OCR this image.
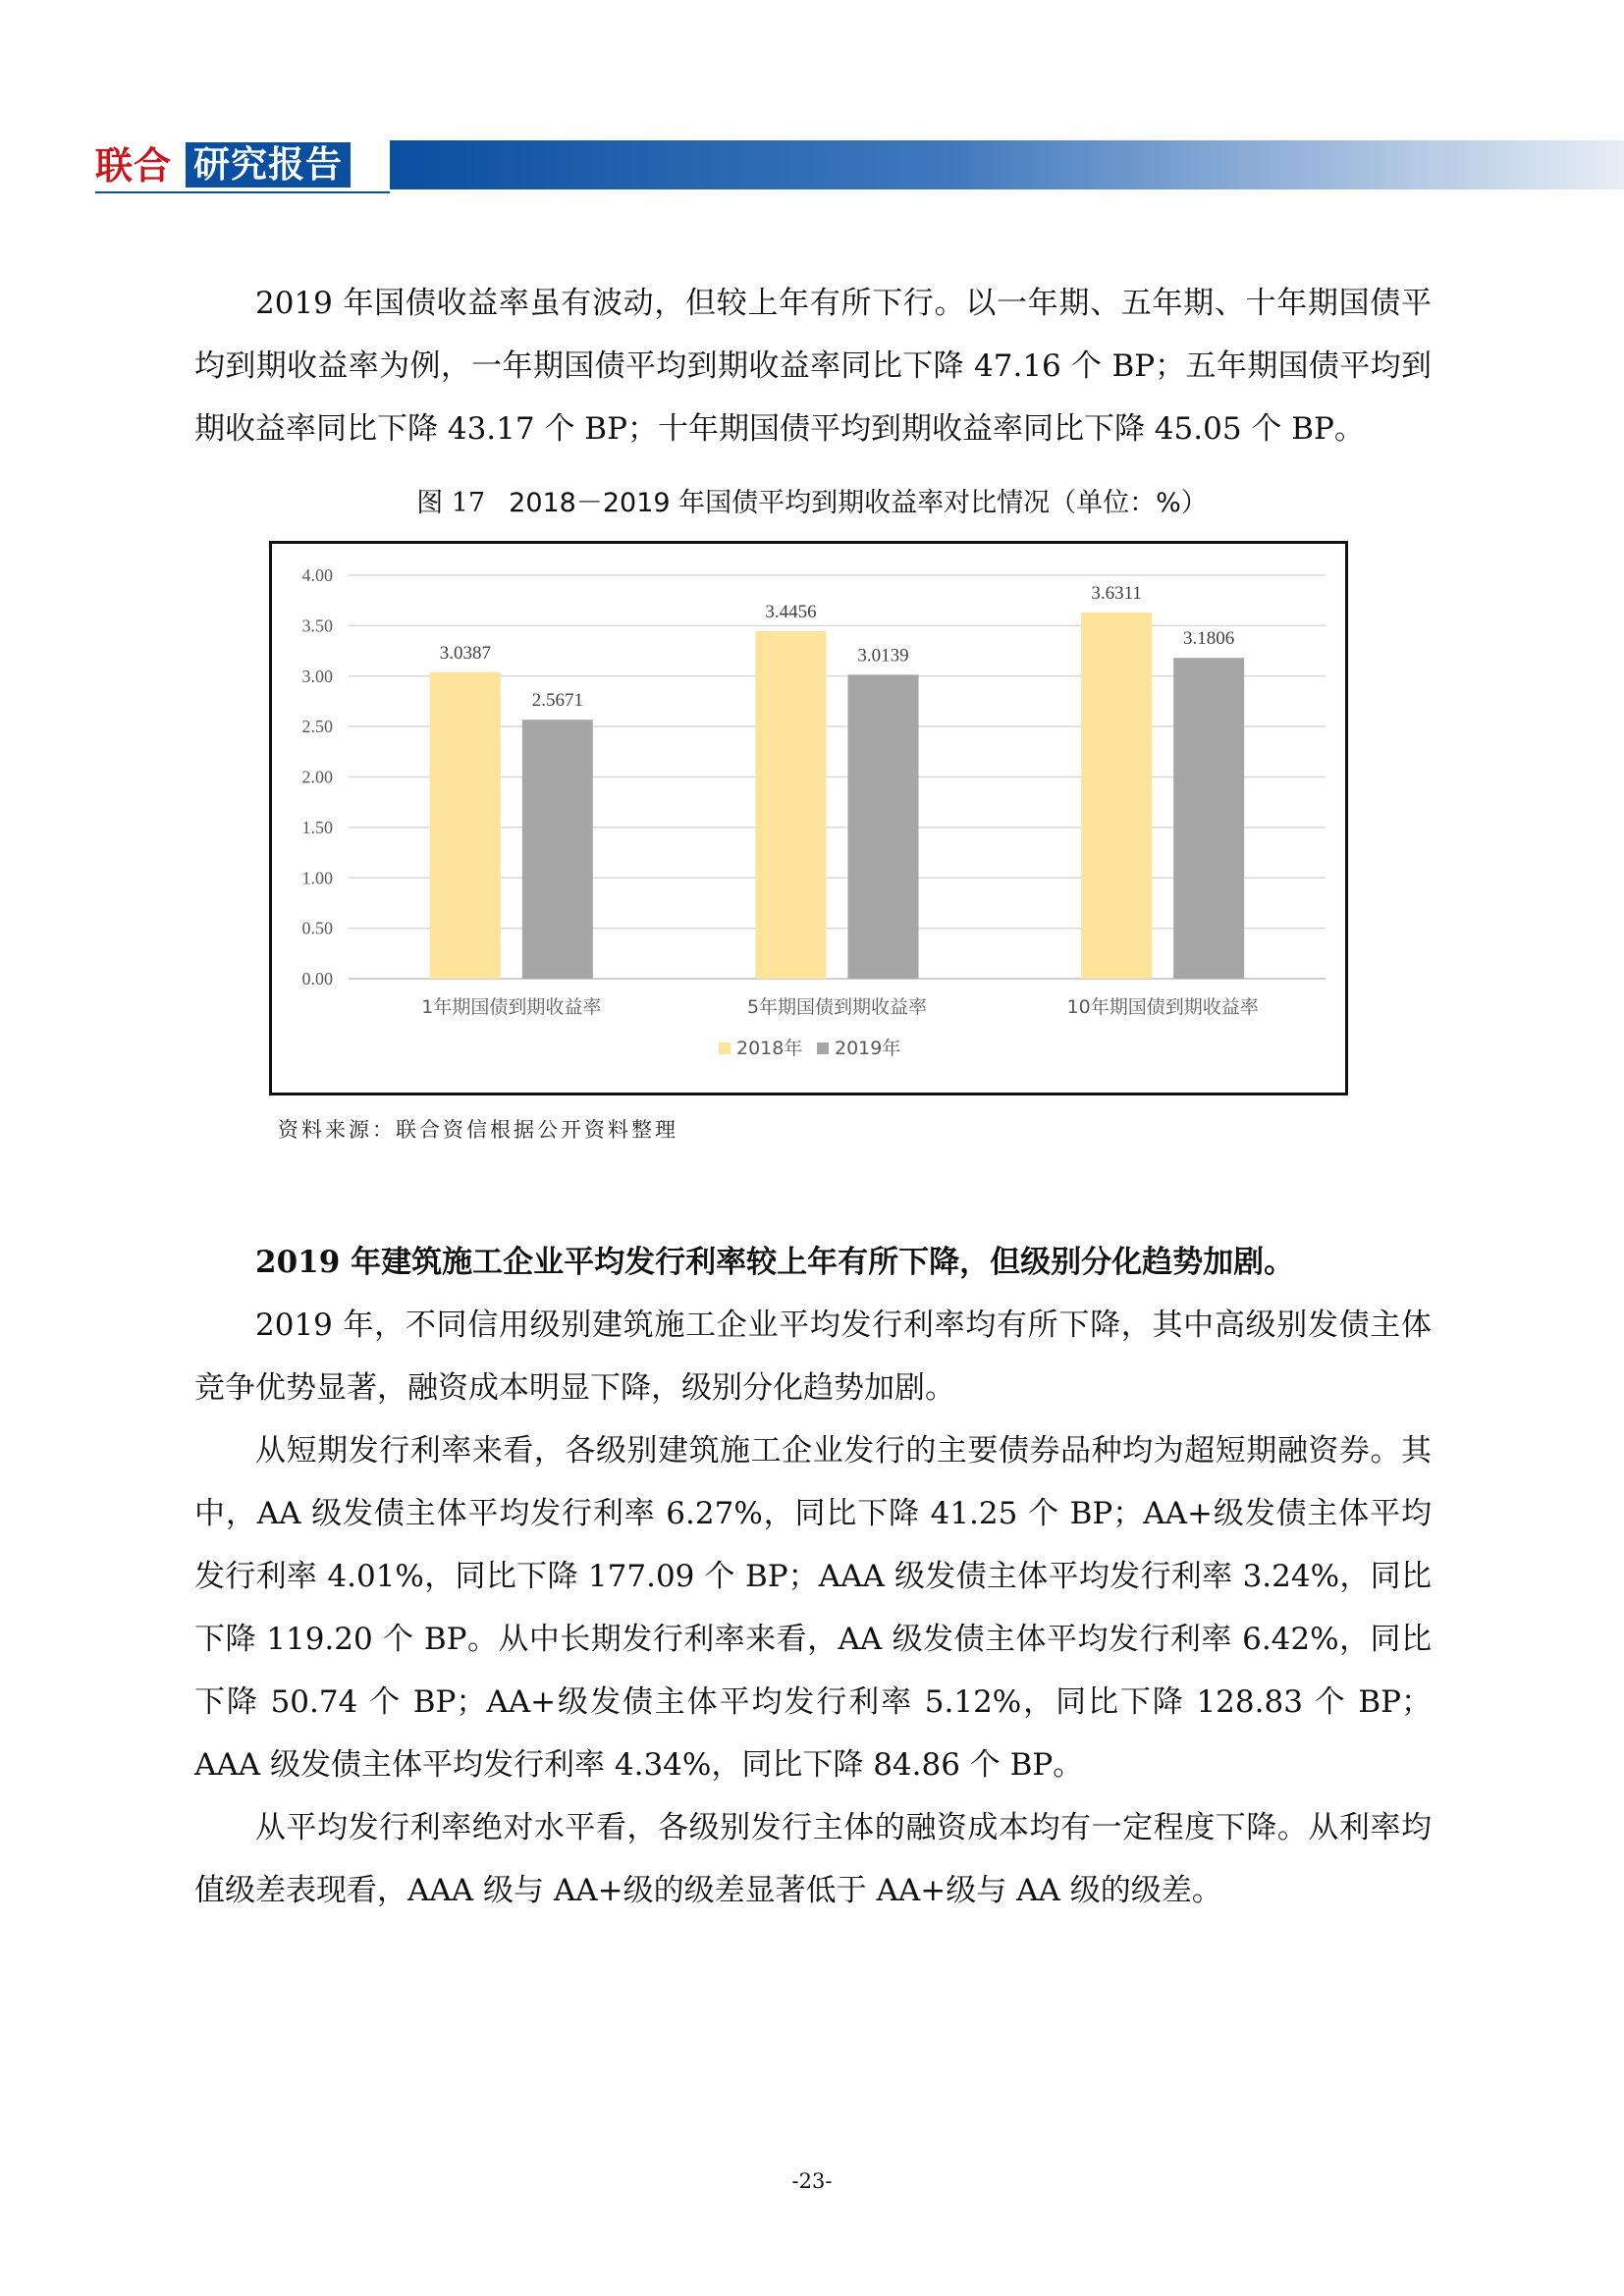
联合 研究报告

2019 年国债收益率虽有波动，但较上年有所下行。以一年期、五年期、十年期国债平均到期收益率为例，一年期国债平均到期收益率同比下降 47.16 个 BP；五年期国债平均到期收益率同比下降 43.17 个 BP；十年期国债平均到期收益率同比下降 45.05 个 BP。

图 17 2018－2019 年国债平均到期收益率对比情况（单位：%）
0.00
0.50
1.00
1.50
2.00
2.50
3.00
3.50
4.00
3.0387
2.5671
1年期国债到期收益率
3.4456
3.0139
5年期国债到期收益率
3.6311
3.1806
10年期国债到期收益率
2018年 2019年
资料来源：联合资信根据公开资料整理

2019 年建筑施工企业平均发行利率较上年有所下降，但级别分化趋势加剧。

2019 年，不同信用级别建筑施工企业平均发行利率均有所下降，其中高级别发债主体竞争优势显著，融资成本明显下降，级别分化趋势加剧。

从短期发行利率来看，各级别建筑施工企业发行的主要债券品种均为超短期融资券。其中，AA 级发债主体平均发行利率 6.27%，同比下降 41.25 个 BP；AA+级发债主体平均发行利率 4.01%，同比下降 177.09 个 BP；AAA 级发债主体平均发行利率 3.24%，同比下降 119.20 个 BP。从中长期发行利率来看，AA 级发债主体平均发行利率 6.42%，同比下降 50.74 个 BP；AA+级发债主体平均发行利率 5.12%，同比下降 128.83 个 BP；AAA 级发债主体平均发行利率 4.34%，同比下降 84.86 个 BP。

从平均发行利率绝对水平看，各级别发行主体的融资成本均有一定程度下降。从利率均值级差表现看，AAA 级与 AA+级的级差显著低于 AA+级与 AA 级的级差。

-23-
